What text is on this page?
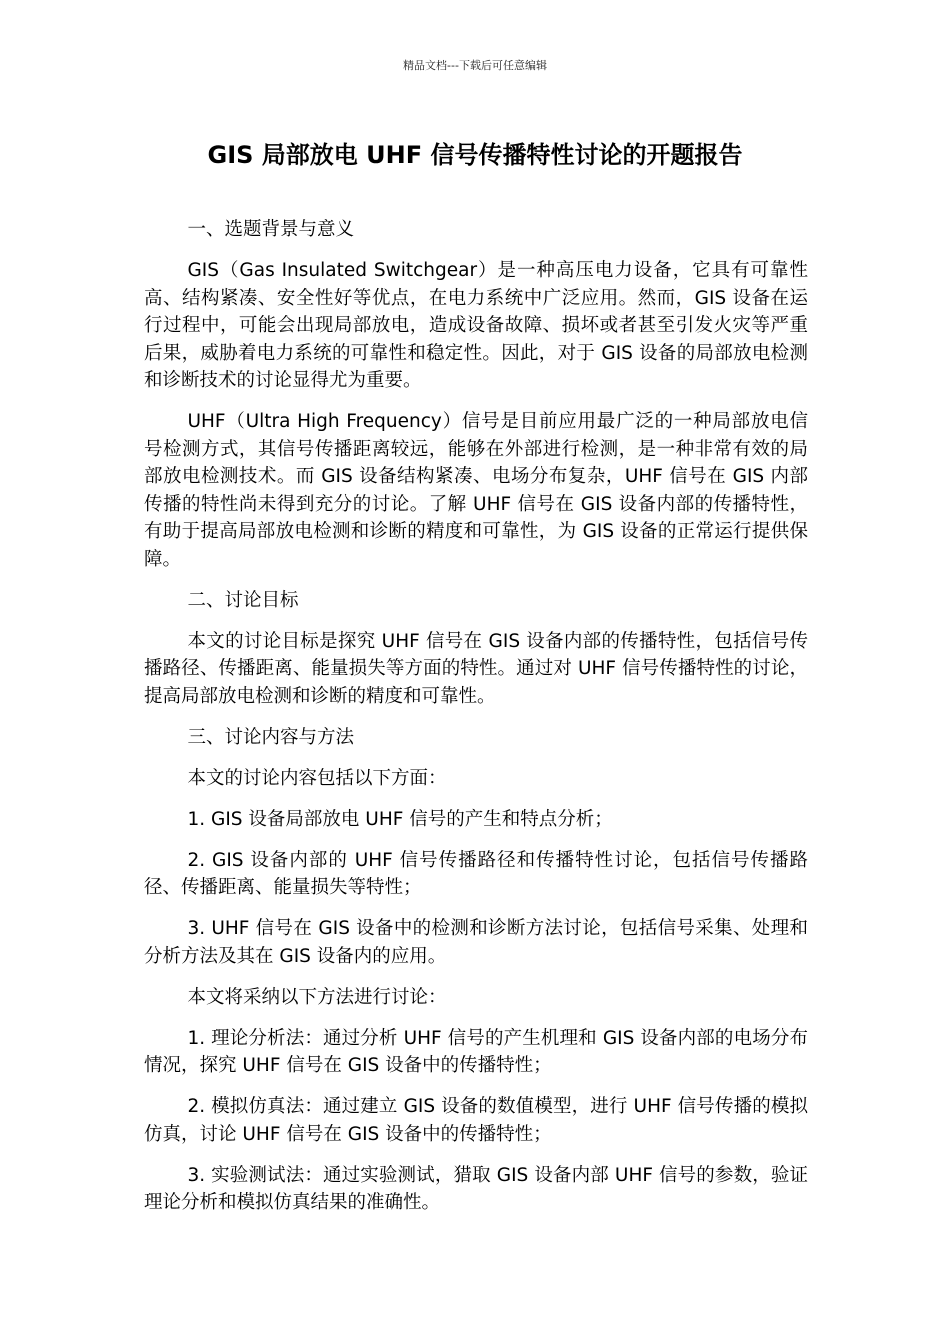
精品文档---下载后可任意编辑
GIS 局部放电 UHF 信号传播特性讨论的开题报告

一、选题背景与意义

GIS（Gas Insulated Switchgear）是一种高压电力设备，它具有可靠性高、结构紧凑、安全性好等优点，在电力系统中广泛应用。然而，GIS 设备在运行过程中，可能会出现局部放电，造成设备故障、损坏或者甚至引发火灾等严重后果，威胁着电力系统的可靠性和稳定性。因此，对于 GIS 设备的局部放电检测和诊断技术的讨论显得尤为重要。

UHF（Ultra High Frequency）信号是目前应用最广泛的一种局部放电信号检测方式，其信号传播距离较远，能够在外部进行检测，是一种非常有效的局部放电检测技术。而 GIS 设备结构紧凑、电场分布复杂，UHF 信号在 GIS 内部传播的特性尚未得到充分的讨论。了解 UHF 信号在 GIS 设备内部的传播特性，有助于提高局部放电检测和诊断的精度和可靠性，为 GIS 设备的正常运行提供保障。

二、讨论目标

本文的讨论目标是探究 UHF 信号在 GIS 设备内部的传播特性，包括信号传播路径、传播距离、能量损失等方面的特性。通过对 UHF 信号传播特性的讨论，提高局部放电检测和诊断的精度和可靠性。

三、讨论内容与方法

本文的讨论内容包括以下方面：

1. GIS 设备局部放电 UHF 信号的产生和特点分析；

2. GIS 设备内部的 UHF 信号传播路径和传播特性讨论，包括信号传播路径、传播距离、能量损失等特性；

3. UHF 信号在 GIS 设备中的检测和诊断方法讨论，包括信号采集、处理和分析方法及其在 GIS 设备内的应用。

本文将采纳以下方法进行讨论：

1. 理论分析法：通过分析 UHF 信号的产生机理和 GIS 设备内部的电场分布情况，探究 UHF 信号在 GIS 设备中的传播特性；

2. 模拟仿真法：通过建立 GIS 设备的数值模型，进行 UHF 信号传播的模拟仿真，讨论 UHF 信号在 GIS 设备中的传播特性；

3. 实验测试法：通过实验测试，猎取 GIS 设备内部 UHF 信号的参数，验证理论分析和模拟仿真结果的准确性。
